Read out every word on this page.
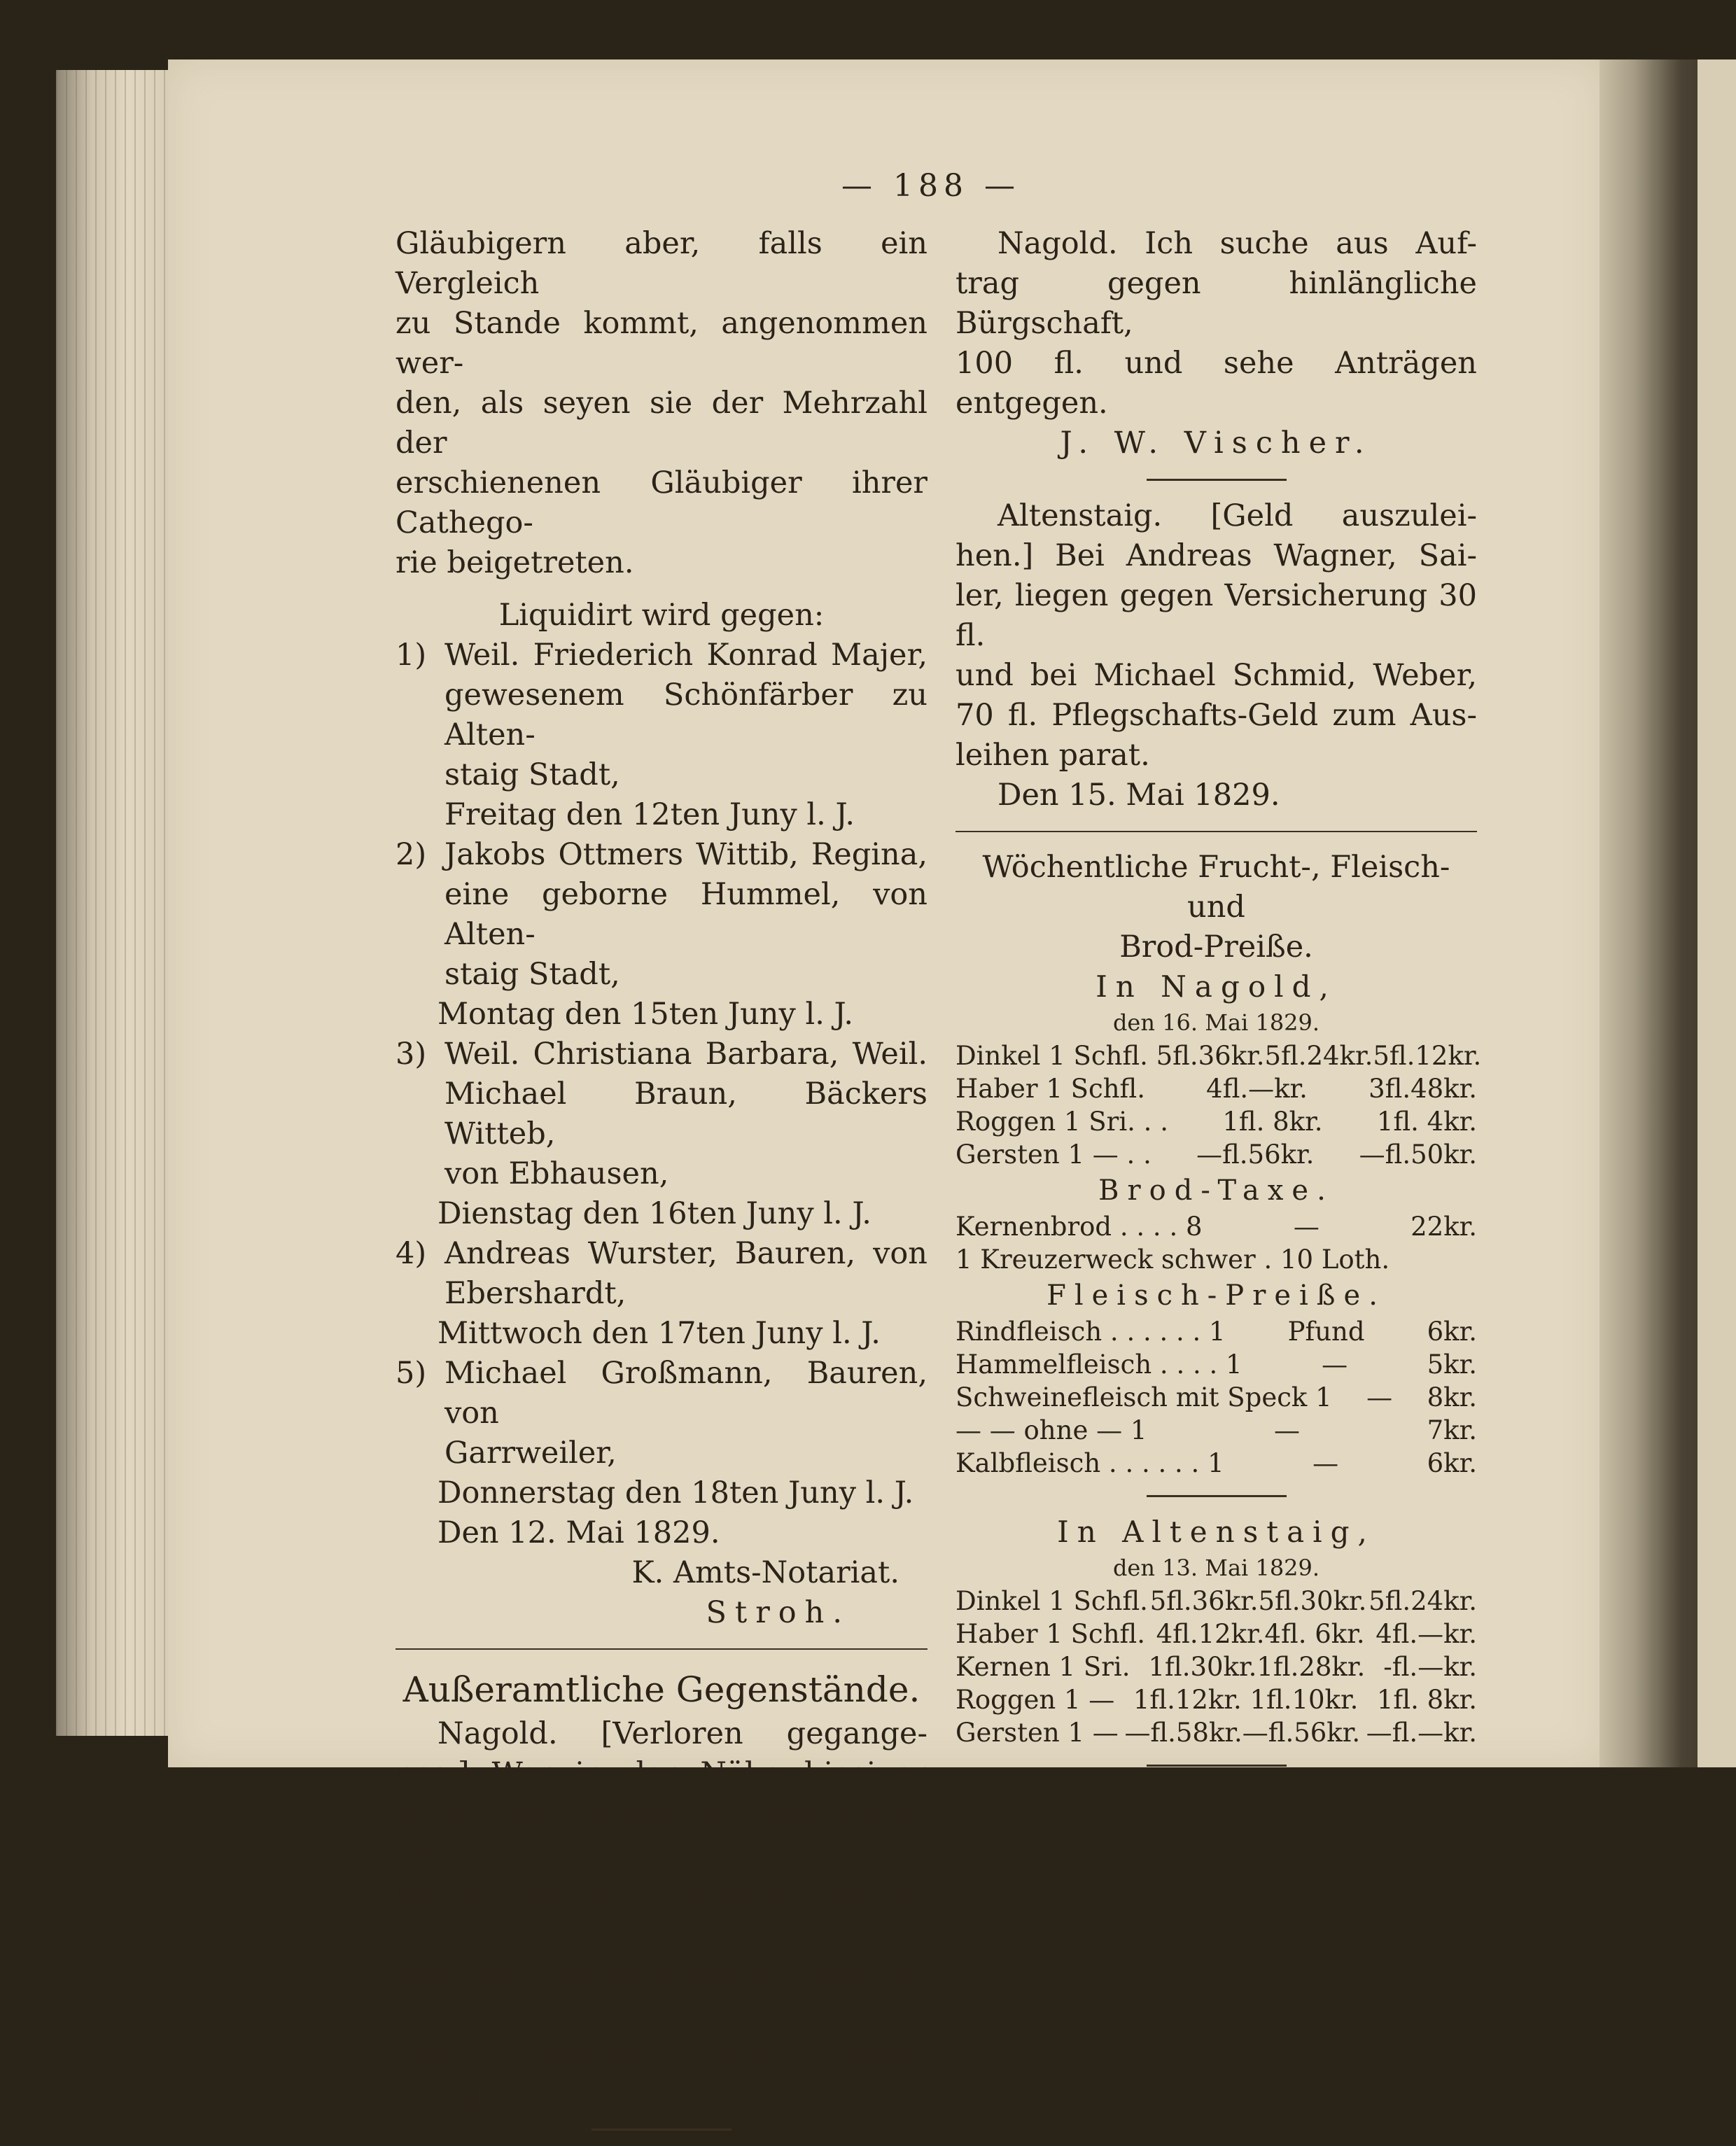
— 188 —

Gläubigern aber, falls ein Vergleich

zu Stande kommt, angenommen wer-

den, als seyen sie der Mehrzahl der

erschienenen Gläubiger ihrer Cathego-

rie beigetreten.

Liquidirt wird gegen:

1) Weil. Friederich Konrad Majer,

gewesenem Schönfärber zu Alten-

staig Stadt,

Freitag den 12ten Juny l. J.

2) Jakobs Ottmers Wittib, Regina,

eine geborne Hummel, von Alten-

staig Stadt,

Montag den 15ten Juny l. J.

3) Weil. Christiana Barbara, Weil.

Michael Braun, Bäckers Witteb,

von Ebhausen,

Dienstag den 16ten Juny l. J.

4) Andreas Wurster, Bauren, von

Ebershardt,

Mittwoch den 17ten Juny l. J.

5) Michael Großmann, Bauren, von

Garrweiler,

Donnerstag den 18ten Juny l. J.

Den 12. Mai 1829.

K. Amts-Notariat.

Stroh.

Außeramtliche Gegenstände.

Nagold. [Verloren gegange-

nes.] Wer in der Nähe hiesiger

Stadt ein Sitzpolster von Leder ge-

funden hat, wird gebeten, solches ge-

gen ein angemessenes Douceur auf

dem Comptoir dieses Blatts abzugeben.

Nagold. Ich suche aus Auf-

trag gegen hinlängliche Bürgschaft,

100 fl. und sehe Anträgen entgegen.

J. W. Vischer.

Altenstaig. [Geld auszulei-

hen.] Bei Andreas Wagner, Sai-

ler, liegen gegen Versicherung 30 fl.

und bei Michael Schmid, Weber,

70 fl. Pflegschafts-Geld zum Aus-

leihen parat.

Den 15. Mai 1829.

Wöchentliche Frucht-, Fleisch- und

Brod-Preiße.

In Nagold,

den 16. Mai 1829.

Dinkel 1 Schfl. 5fl.36kr. 5fl.24kr. 5fl.12kr.
Haber 1 Schfl. 4fl.—kr. 3fl.48kr.
Roggen 1 Sri. . . 1fl. 8kr. 1fl. 4kr.
Gersten 1 — . . —fl.56kr. —fl.50kr.

Brod-Taxe.

Kernenbrod . . . . 8	—	22kr.
1 Kreuzerweck schwer . 10 Loth.

Fleisch-Preiße.

Rindfleisch . . . . . . 1 Pfund 6kr.
Hammelfleisch . . . . 1	—	5kr.
Schweinefleisch mit Speck 1 — 8kr.
— — ohne — 1	—	7kr.
Kalbfleisch . . . . . . 1	—	6kr.

In Altenstaig,

den 13. Mai 1829.

Dinkel 1 Schfl. 5fl.36kr.5fl.30kr. 5fl.24kr.
Haber 1 Schfl. 4fl.12kr.4fl. 6kr. 4fl.—kr.
Kernen 1 Sri. 1fl.30kr.1fl.28kr. -fl.—kr.
Roggen 1 — 1fl.12kr. 1fl.10kr. 1fl. 8kr.
Gersten 1 — —fl.58kr.—fl.56kr. —fl.—kr.
